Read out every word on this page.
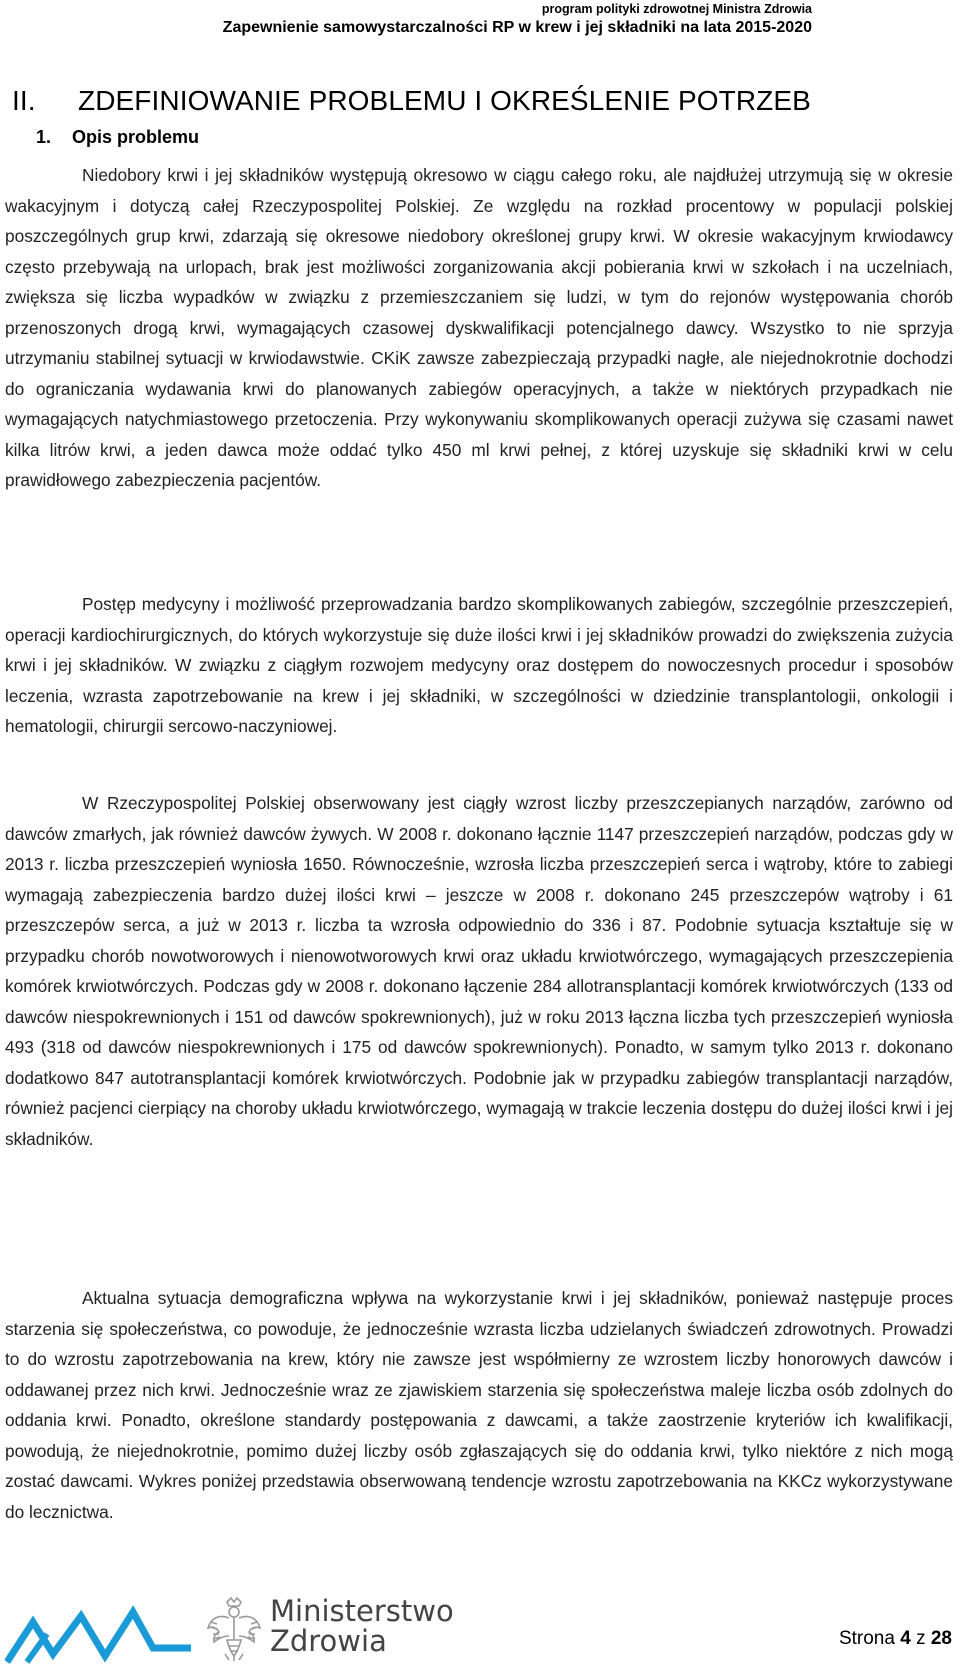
program polityki zdrowotnej Ministra Zdrowia
Zapewnienie samowystarczalności RP w krew i jej składniki na lata 2015-2020
II. ZDEFINIOWANIE PROBLEMU I OKREŚLENIE POTRZEB
1. Opis problemu

Niedobory krwi i jej składników występują okresowo w ciągu całego roku, ale najdłużej utrzymują się w okresie wakacyjnym i dotyczą całej Rzeczypospolitej Polskiej. Ze względu na rozkład procentowy w populacji polskiej poszczególnych grup krwi, zdarzają się okresowe niedobory określonej grupy krwi. W okresie wakacyjnym krwiodawcy często przebywają na urlopach, brak jest możliwości zorganizowania akcji pobierania krwi w szkołach i na uczelniach, zwiększa się liczba wypadków w związku z przemieszczaniem się ludzi, w tym do rejonów występowania chorób przenoszonych drogą krwi, wymagających czasowej dyskwalifikacji potencjalnego dawcy. Wszystko to nie sprzyja utrzymaniu stabilnej sytuacji w krwiodawstwie. CKiK zawsze zabezpieczają przypadki nagłe, ale niejednokrotnie dochodzi do ograniczania wydawania krwi do planowanych zabiegów operacyjnych, a także w niektórych przypadkach nie wymagających natychmiastowego przetoczenia. Przy wykonywaniu skomplikowanych operacji zużywa się czasami nawet kilka litrów krwi, a jeden dawca może oddać tylko 450 ml krwi pełnej, z której uzyskuje się składniki krwi w celu prawidłowego zabezpieczenia pacjentów.

Postęp medycyny i możliwość przeprowadzania bardzo skomplikowanych zabiegów, szczególnie przeszczepień, operacji kardiochirurgicznych, do których wykorzystuje się duże ilości krwi i jej składników prowadzi do zwiększenia zużycia krwi i jej składników. W związku z ciągłym rozwojem medycyny oraz dostępem do nowoczesnych procedur i sposobów leczenia, wzrasta zapotrzebowanie na krew i jej składniki, w szczególności w dziedzinie transplantologii, onkologii i hematologii, chirurgii sercowo-naczyniowej.

W Rzeczypospolitej Polskiej obserwowany jest ciągły wzrost liczby przeszczepianych narządów, zarówno od dawców zmarłych, jak również dawców żywych. W 2008 r. dokonano łącznie 1147 przeszczepień narządów, podczas gdy w 2013 r. liczba przeszczepień wyniosła 1650. Równocześnie, wzrosła liczba przeszczepień serca i wątroby, które to zabiegi wymagają zabezpieczenia bardzo dużej ilości krwi – jeszcze w 2008 r. dokonano 245 przeszczepów wątroby i 61 przeszczepów serca, a już w 2013 r. liczba ta wzrosła odpowiednio do 336 i 87. Podobnie sytuacja kształtuje się w przypadku chorób nowotworowych i nienowotworowych krwi oraz układu krwiotwórczego, wymagających przeszczepienia komórek krwiotwórczych. Podczas gdy w 2008 r. dokonano łączenie 284 allotransplantacji komórek krwiotwórczych (133 od dawców niespokrewnionych i 151 od dawców spokrewnionych), już w roku 2013 łączna liczba tych przeszczepień wyniosła 493 (318 od dawców niespokrewnionych i 175 od dawców spokrewnionych). Ponadto, w samym tylko 2013 r. dokonano dodatkowo 847 autotransplantacji komórek krwiotwórczych. Podobnie jak w przypadku zabiegów transplantacji narządów, również pacjenci cierpiący na choroby układu krwiotwórczego, wymagają w trakcie leczenia dostępu do dużej ilości krwi i jej składników.

Aktualna sytuacja demograficzna wpływa na wykorzystanie krwi i jej składników, ponieważ następuje proces starzenia się społeczeństwa, co powoduje, że jednocześnie wzrasta liczba udzielanych świadczeń zdrowotnych. Prowadzi to do wzrostu zapotrzebowania na krew, który nie zawsze jest współmierny ze wzrostem liczby honorowych dawców i oddawanej przez nich krwi. Jednocześnie wraz ze zjawiskiem starzenia się społeczeństwa maleje liczba osób zdolnych do oddania krwi. Ponadto, określone standardy postępowania z dawcami, a także zaostrzenie kryteriów ich kwalifikacji, powodują, że niejednokrotnie, pomimo dużej liczby osób zgłaszających się do oddania krwi, tylko niektóre z nich mogą zostać dawcami. Wykres poniżej przedstawia obserwowaną tendencje wzrostu zapotrzebowania na KKCz wykorzystywane do lecznictwa.

Ministerstwo
Zdrowia	Strona 4 z 28
